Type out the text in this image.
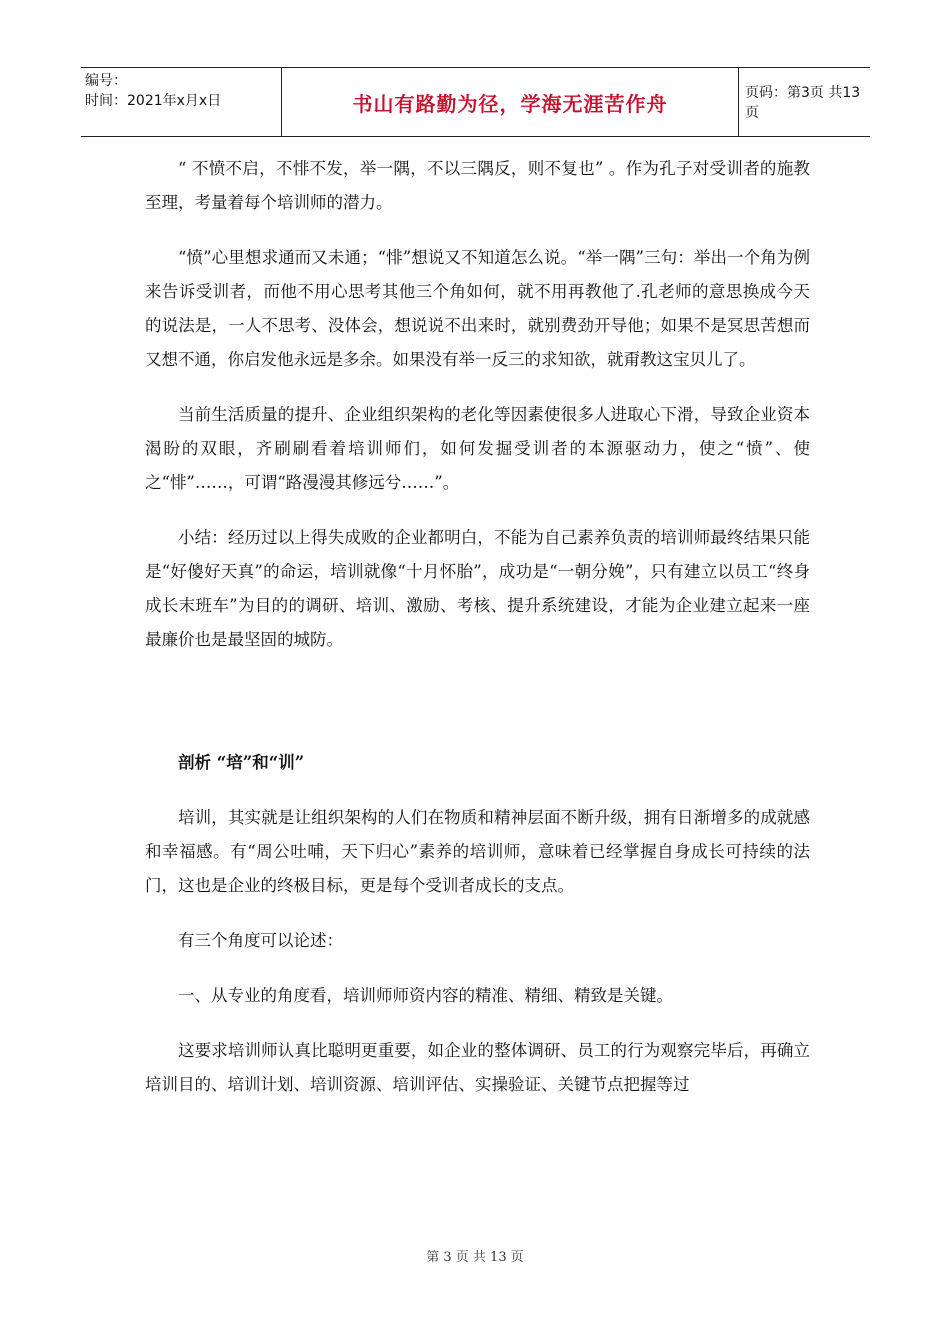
编号：
时间：2021年x月x日	书山有路勤为径，学海无涯苦作舟	页码：第3页 共13页

“ 不愤不启，不悱不发，举一隅，不以三隅反，则不复也” 。作为孔子对受训者的施教至理，考量着每个培训师的潜力。

“愤”心里想求通而又未通；“悱”想说又不知道怎么说。“举一隅”三句：举出一个角为例来告诉受训者，而他不用心思考其他三个角如何，就不用再教他了.孔老师的意思换成今天的说法是，一人不思考、没体会，想说说不出来时，就别费劲开导他；如果不是冥思苦想而又想不通，你启发他永远是多余。如果没有举一反三的求知欲，就甭教这宝贝儿了。

当前生活质量的提升、企业组织架构的老化等因素使很多人进取心下滑，导致企业资本渴盼的双眼，齐刷刷看着培训师们，如何发掘受训者的本源驱动力，使之“愤”、使之“悱”……，可谓“路漫漫其修远兮……”。

小结：经历过以上得失成败的企业都明白，不能为自己素养负责的培训师最终结果只能是“好傻好天真”的命运，培训就像“十月怀胎”，成功是“一朝分娩”，只有建立以员工“终身成长末班车”为目的的调研、培训、激励、考核、提升系统建设，才能为企业建立起来一座最廉价也是最坚固的城防。

剖析 “培”和“训”

培训，其实就是让组织架构的人们在物质和精神层面不断升级，拥有日渐增多的成就感和幸福感。有“周公吐哺，天下归心”素养的培训师，意味着已经掌握自身成长可持续的法门，这也是企业的终极目标，更是每个受训者成长的支点。

有三个角度可以论述：

一、从专业的角度看，培训师师资内容的精准、精细、精致是关键。

这要求培训师认真比聪明更重要，如企业的整体调研、员工的行为观察完毕后，再确立培训目的、培训计划、培训资源、培训评估、实操验证、关键节点把握等过

第 3 页 共 13 页
